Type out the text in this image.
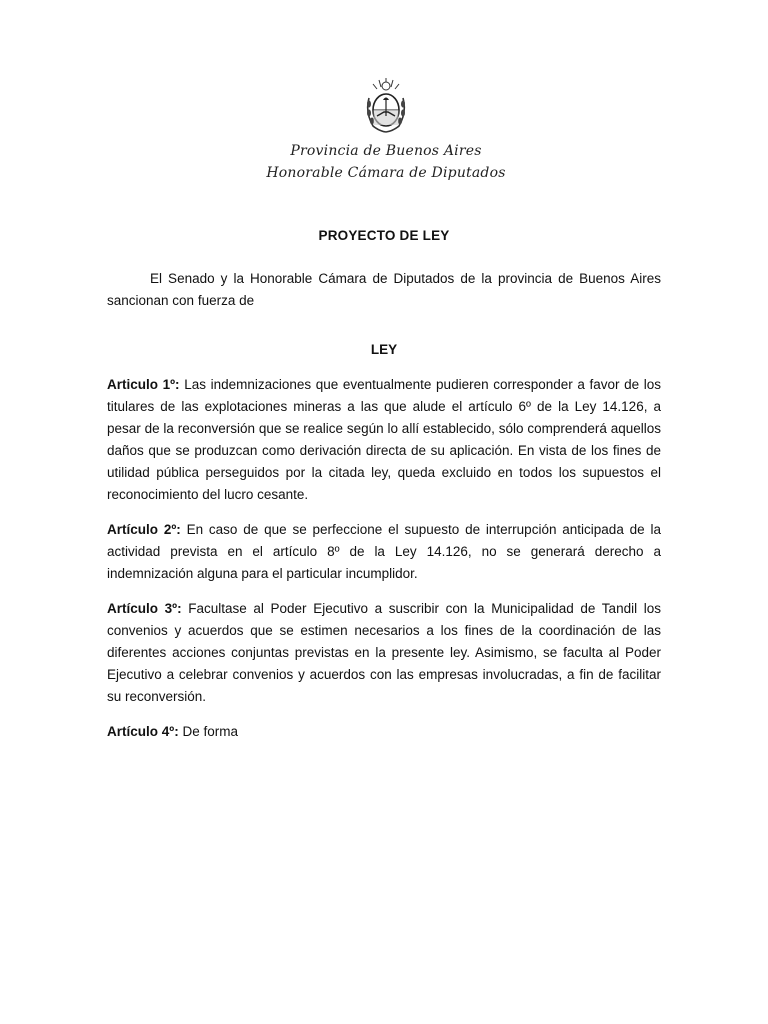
Provincia de Buenos Aires
Honorable Cámara de Diputados
PROYECTO DE LEY

El Senado y la Honorable Cámara de Diputados de la provincia de Buenos Aires sancionan con fuerza de

LEY

Articulo 1º: Las indemnizaciones que eventualmente pudieren corresponder a favor de los titulares de las explotaciones mineras a las que alude el artículo 6º de la Ley 14.126, a pesar de la reconversión que se realice según lo allí establecido, sólo comprenderá aquellos daños que se produzcan como derivación directa de su aplicación. En vista de los fines de utilidad pública perseguidos por la citada ley, queda excluido en todos los supuestos el reconocimiento del lucro cesante.

Artículo 2º: En caso de que se perfeccione el supuesto de interrupción anticipada de la actividad prevista en el artículo 8º de la Ley 14.126, no se generará derecho a indemnización alguna para el particular incumplidor.

Artículo 3º: Facultase al Poder Ejecutivo a suscribir con la Municipalidad de Tandil los convenios y acuerdos que se estimen necesarios a los fines de la coordinación de las diferentes acciones conjuntas previstas en la presente ley. Asimismo, se faculta al Poder Ejecutivo a celebrar convenios y acuerdos con las empresas involucradas, a fin de facilitar su reconversión.

Artículo 4º: De forma
